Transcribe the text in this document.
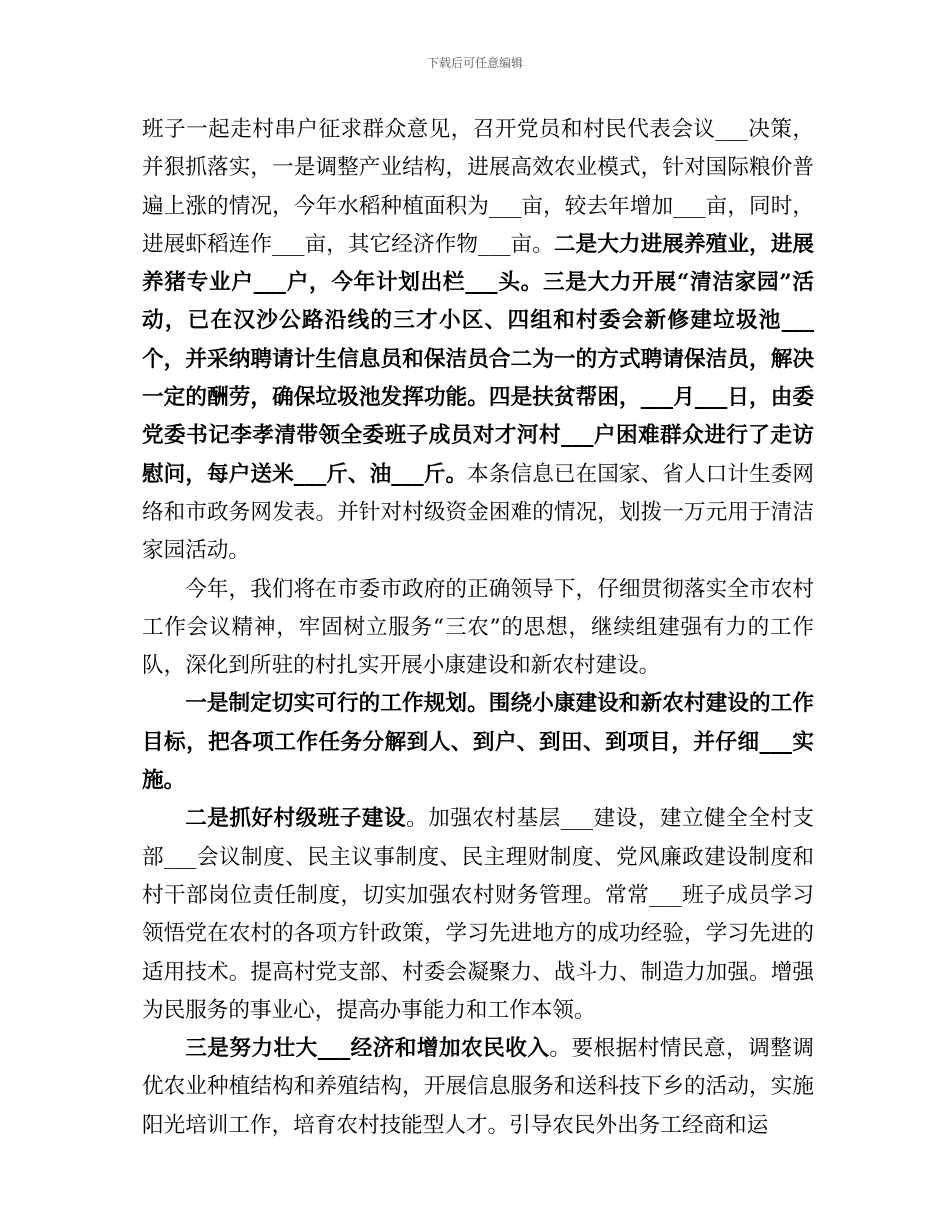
下载后可任意编辑

班子一起走村串户征求群众意见，召开党员和村民代表会议___决策，并狠抓落实，一是调整产业结构，进展高效农业模式，针对国际粮价普遍上涨的情况，今年水稻种植面积为___亩，较去年增加___亩，同时，进展虾稻连作___亩，其它经济作物___亩。二是大力进展养殖业，进展养猪专业户___户，今年计划出栏___头。三是大力开展“清洁家园”活动，已在汉沙公路沿线的三才小区、四组和村委会新修建垃圾池___个，并采纳聘请计生信息员和保洁员合二为一的方式聘请保洁员，解决一定的酬劳，确保垃圾池发挥功能。四是扶贫帮困，___月___日，由委党委书记李孝清带领全委班子成员对才河村___户困难群众进行了走访慰问，每户送米___斤、油___斤。本条信息已在国家、省人口计生委网络和市政务网发表。并针对村级资金困难的情况，划拨一万元用于清洁家园活动。

今年，我们将在市委市政府的正确领导下，仔细贯彻落实全市农村工作会议精神，牢固树立服务“三农”的思想，继续组建强有力的工作队，深化到所驻的村扎实开展小康建设和新农村建设。

一是制定切实可行的工作规划。围绕小康建设和新农村建设的工作目标，把各项工作任务分解到人、到户、到田、到项目，并仔细___实施。

二是抓好村级班子建设。加强农村基层___建设，建立健全全村支部___会议制度、民主议事制度、民主理财制度、党风廉政建设制度和村干部岗位责任制度，切实加强农村财务管理。常常___班子成员学习领悟党在农村的各项方针政策，学习先进地方的成功经验，学习先进的适用技术。提高村党支部、村委会凝聚力、战斗力、制造力加强。增强为民服务的事业心，提高办事能力和工作本领。

三是努力壮大___经济和增加农民收入。要根据村情民意，调整调优农业种植结构和养殖结构，开展信息服务和送科技下乡的活动，实施阳光培训工作，培育农村技能型人才。引导农民外出务工经商和运
